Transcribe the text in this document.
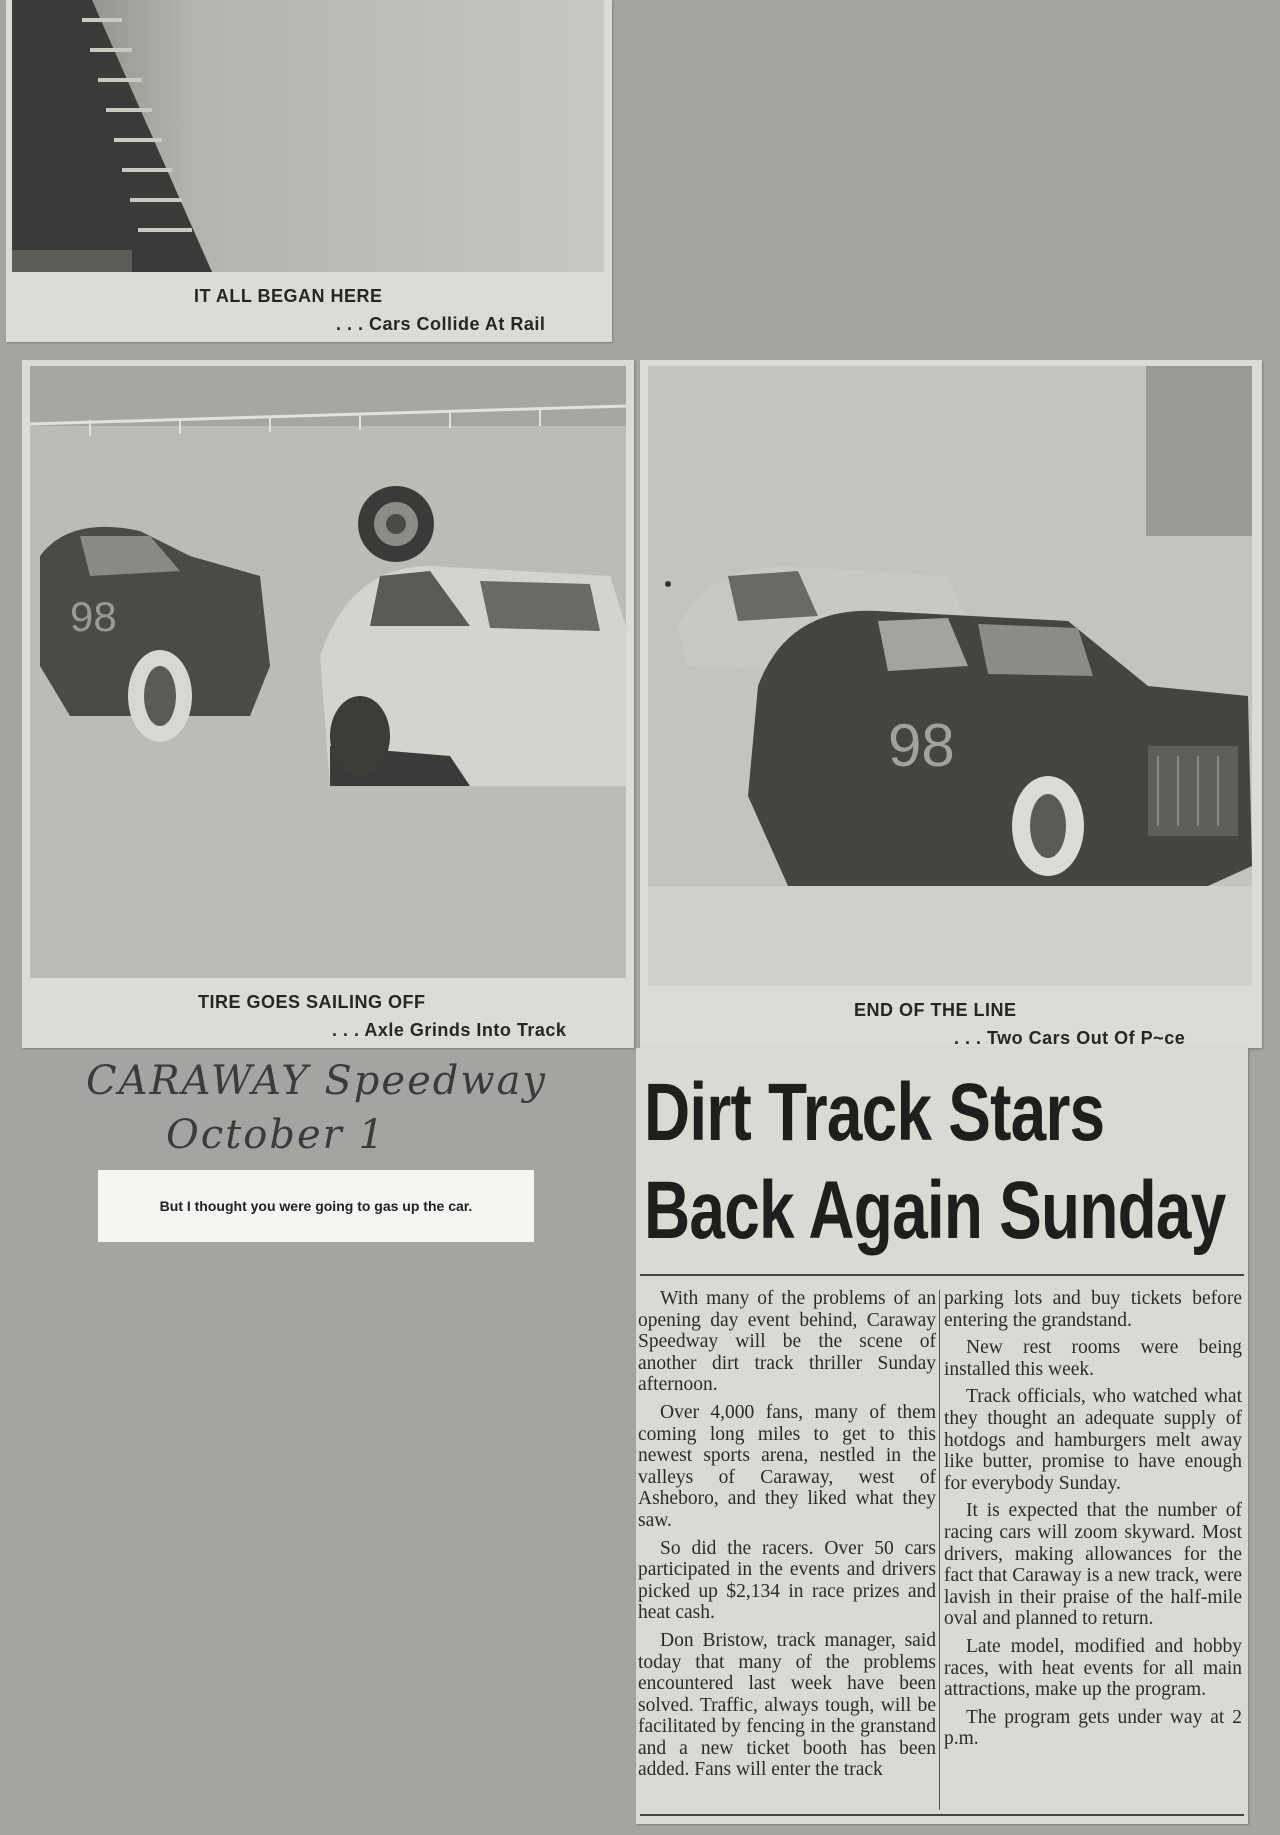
IT ALL BEGAN HERE
. . . Cars Collide At Rail
98
TIRE GOES SAILING OFF
. . . Axle Grinds Into Track
98
END OF THE LINE
. . . Two Cars Out Of P~ce
CARAWAY Speedway
October 1
But I thought you were going to gas up the car.
Dirt Track Stars
Back Again Sunday

With many of the problems of an opening day event behind, Caraway Speedway will be the scene of another dirt track thriller Sunday afternoon.

Over 4,000 fans, many of them coming long miles to get to this newest sports arena, nestled in the valleys of Caraway, west of Asheboro, and they liked what they saw.

So did the racers. Over 50 cars participated in the events and drivers picked up $2,134 in race prizes and heat cash.

Don Bristow, track manager, said today that many of the problems encountered last week have been solved. Traffic, always tough, will be facilitated by fencing in the granstand and a new ticket booth has been added. Fans will enter the track

parking lots and buy tickets before entering the grandstand.

New rest rooms were being installed this week.

Track officials, who watched what they thought an adequate supply of hotdogs and hamburgers melt away like butter, promise to have enough for everybody Sunday.

It is expected that the number of racing cars will zoom skyward. Most drivers, making allowances for the fact that Caraway is a new track, were lavish in their praise of the half-mile oval and planned to return.

Late model, modified and hobby races, with heat events for all main attractions, make up the program.

The program gets under way at 2 p.m.
